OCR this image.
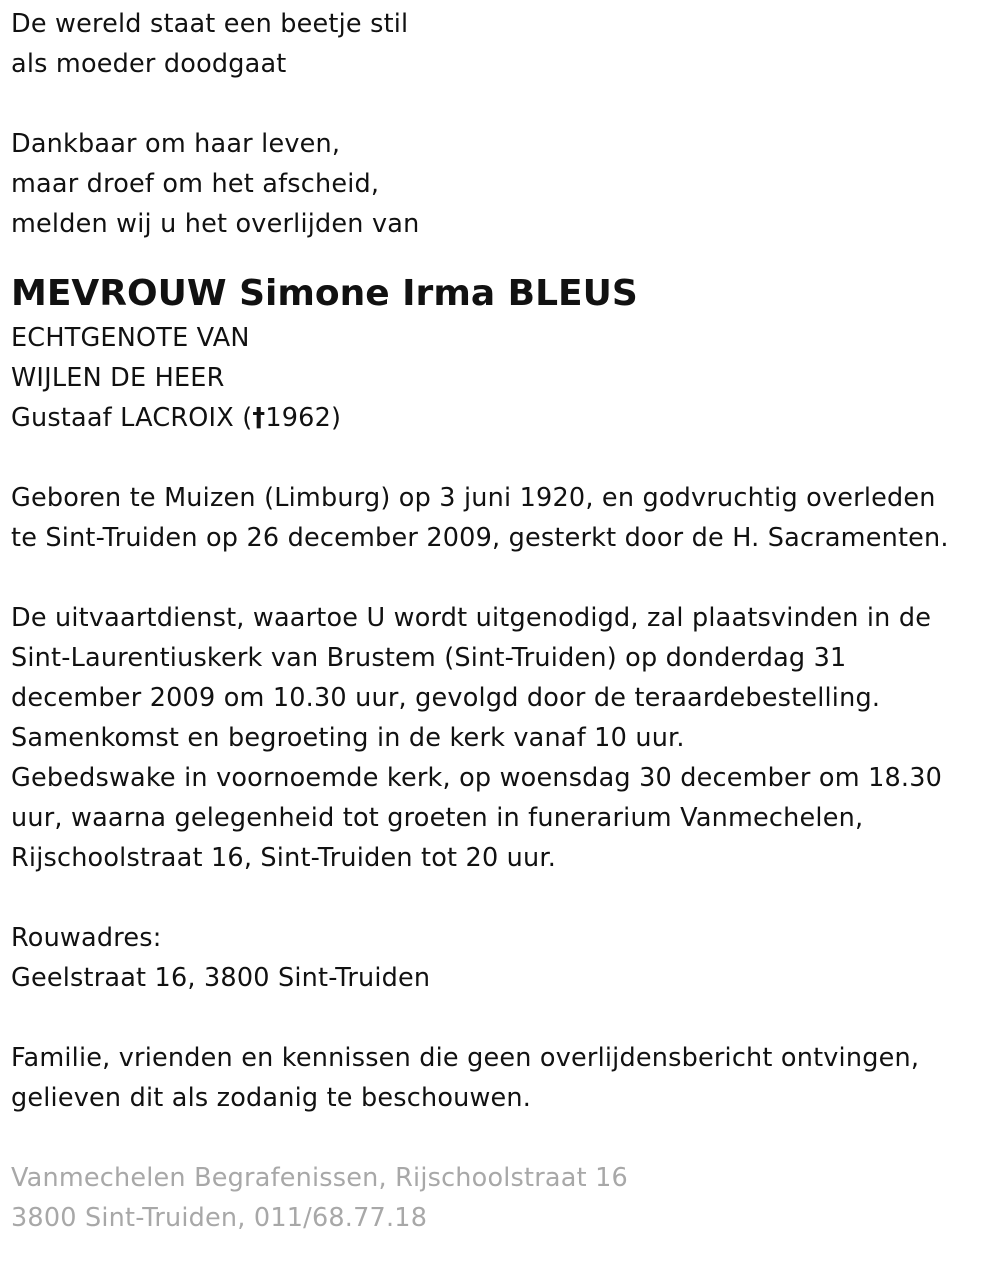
De wereld staat een beetje stil
als moeder doodgaat
Dankbaar om haar leven,
maar droef om het afscheid,
melden wij u het overlijden van
MEVROUW Simone Irma BLEUS
ECHTGENOTE VAN
WIJLEN DE HEER
Gustaaf LACROIX (†1962)
Geboren te Muizen (Limburg) op 3 juni 1920, en godvruchtig overleden
te Sint-Truiden op 26 december 2009, gesterkt door de H. Sacramenten.
De uitvaartdienst, waartoe U wordt uitgenodigd, zal plaatsvinden in de
Sint-Laurentiuskerk van Brustem (Sint-Truiden) op donderdag 31
december 2009 om 10.30 uur, gevolgd door de teraardebestelling.
Samenkomst en begroeting in de kerk vanaf 10 uur.
Gebedswake in voornoemde kerk, op woensdag 30 december om 18.30
uur, waarna gelegenheid tot groeten in funerarium Vanmechelen,
Rijschoolstraat 16, Sint-Truiden tot 20 uur.
Rouwadres:
Geelstraat 16, 3800 Sint-Truiden
Familie, vrienden en kennissen die geen overlijdensbericht ontvingen,
gelieven dit als zodanig te beschouwen.
Vanmechelen Begrafenissen, Rijschoolstraat 16
3800 Sint-Truiden, 011/68.77.18
